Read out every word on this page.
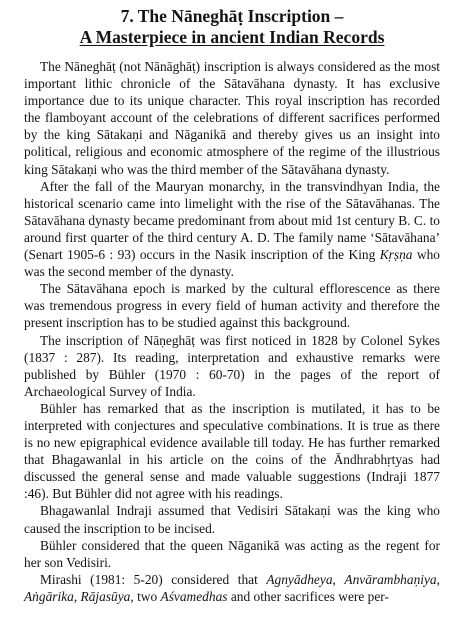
7. The Nāneghāṭ Inscription –
A Masterpiece in ancient Indian Records

The Nāneghāṭ (not Nānāghāṭ) inscription is always considered as the most important lithic chronicle of the Sātavāhana dynasty. It has exclusive importance due to its unique character. This royal inscription has recorded the flamboyant account of the celebrations of different sacrifices performed by the king Sātakaṇi and Nāganikā and thereby gives us an insight into political, religious and economic atmosphere of the regime of the illustrious king Sātakaṇi who was the third member of the Sātavāhana dynasty.

After the fall of the Mauryan monarchy, in the transvindhyan India, the historical scenario came into limelight with the rise of the Sātavāhanas. The Sātavāhana dynasty became predominant from about mid 1st century B. C. to around first quarter of the third century A. D. The family name ‘Sātavāhana’ (Senart 1905-6 : 93) occurs in the Nasik inscription of the King Kṛṣṇa who was the second member of the dynasty.

The Sātavāhana epoch is marked by the cultural efflorescence as there was tremendous progress in every field of human activity and therefore the present inscription has to be studied against this background.

The inscription of Nāṇeghāṭ was first noticed in 1828 by Colonel Sykes (1837 : 287). Its reading, interpretation and exhaustive remarks were published by Bühler (1970 : 60-70) in the pages of the report of Archaeological Survey of India.

Bühler has remarked that as the inscription is mutilated, it has to be interpreted with conjectures and speculative combinations. It is true as there is no new epigraphical evidence available till today. He has further remarked that Bhagawanlal in his article on the coins of the Āndhrabhṛtyas had discussed the general sense and made valuable suggestions (Indraji 1877 :46). But Bühler did not agree with his readings.

Bhagawanlal Indraji assumed that Vedisiri Sātakaṇi was the king who caused the inscription to be incised.

Bühler considered that the queen Nāganikā was acting as the regent for her son Vedisiri.

Mirashi (1981: 5-20) considered that Agnyādheya, Anvārambhaṇiya, Aṅgārika, Rājasūya, two Aśvamedhas and other sacrifices were per-
